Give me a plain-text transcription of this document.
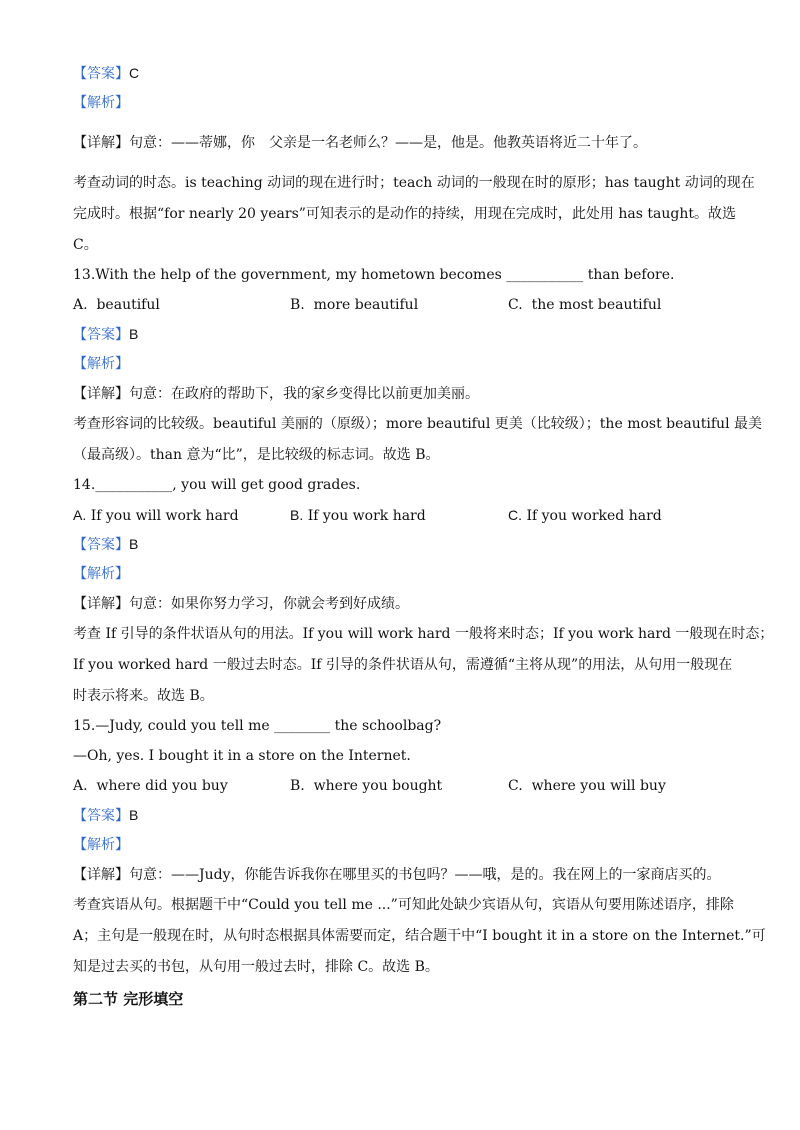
【答案】C
【解析】
【详解】句意：——蒂娜，你　父亲是一名老师么？——是，他是。他教英语将近二十年了。
考查动词的时态。is teaching 动词的现在进行时；teach 动词的一般现在时的原形；has taught 动词的现在
完成时。根据“for nearly 20 years”可知表示的是动作的持续，用现在完成时，此处用 has taught。故选
C。
13.With the help of the government, my hometown becomes ___________ than before.
A. beautiful	B. more beautiful	C. the most beautiful
【答案】B
【解析】
【详解】句意：在政府的帮助下，我的家乡变得比以前更加美丽。
考查形容词的比较级。beautiful 美丽的（原级）；more beautiful 更美（比较级）；the most beautiful 最美
（最高级）。than 意为“比”，是比较级的标志词。故选 B。
14.___________, you will get good grades.
A. If you will work hard	B. If you work hard	C. If you worked hard
【答案】B
【解析】
【详解】句意：如果你努力学习，你就会考到好成绩。
考查 If 引导的条件状语从句的用法。If you will work hard 一般将来时态；If you work hard 一般现在时态；
If you worked hard 一般过去时态。If 引导的条件状语从句，需遵循“主将从现”的用法，从句用一般现在
时表示将来。故选 B。
15.—Judy, could you tell me ________ the schoolbag?
—Oh, yes. I bought it in a store on the Internet.
A. where did you buy	B. where you bought	C. where you will buy
【答案】B
【解析】
【详解】句意：——Judy，你能告诉我你在哪里买的书包吗？——哦，是的。我在网上的一家商店买的。
考查宾语从句。根据题干中“Could you tell me ...”可知此处缺少宾语从句，宾语从句要用陈述语序，排除
A；主句是一般现在时，从句时态根据具体需要而定，结合题干中“I bought it in a store on the Internet.”可
知是过去买的书包，从句用一般过去时，排除 C。故选 B。
第二节 完形填空
